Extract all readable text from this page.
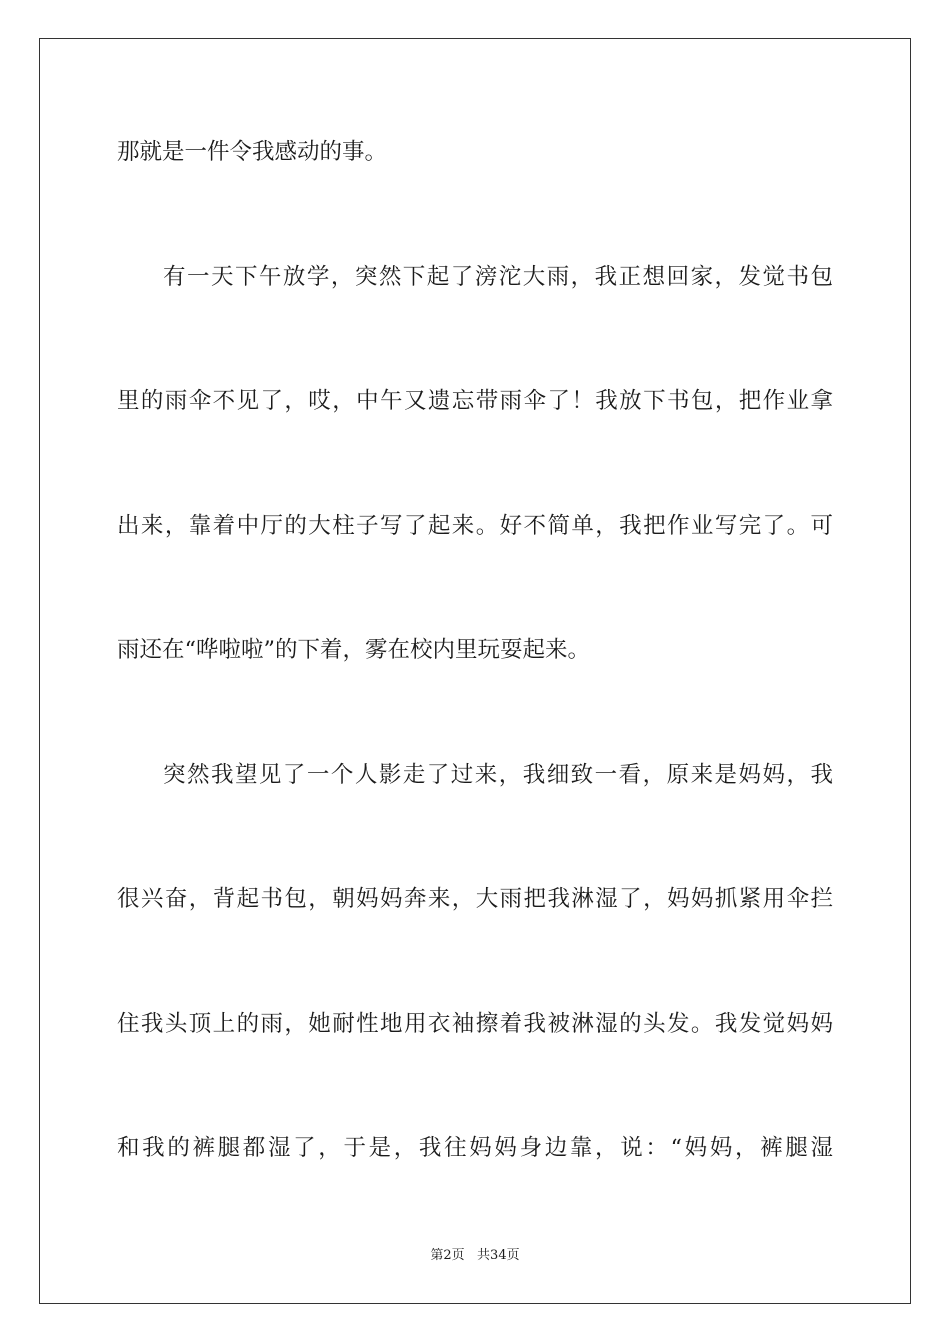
那就是一件令我感动的事。
有一天下午放学，突然下起了滂沱大雨，我正想回家，发觉书包
里的雨伞不见了，哎，中午又遗忘带雨伞了！我放下书包，把作业拿
出来，靠着中厅的大柱子写了起来。好不简单，我把作业写完了。可
雨还在“哗啦啦”的下着，雾在校内里玩耍起来。
突然我望见了一个人影走了过来，我细致一看，原来是妈妈，我
很兴奋，背起书包，朝妈妈奔来，大雨把我淋湿了，妈妈抓紧用伞拦
住我头顶上的雨，她耐性地用衣袖擦着我被淋湿的头发。我发觉妈妈
和我的裤腿都湿了，于是，我往妈妈身边靠，说：“妈妈，裤腿湿
第2页   共34页
